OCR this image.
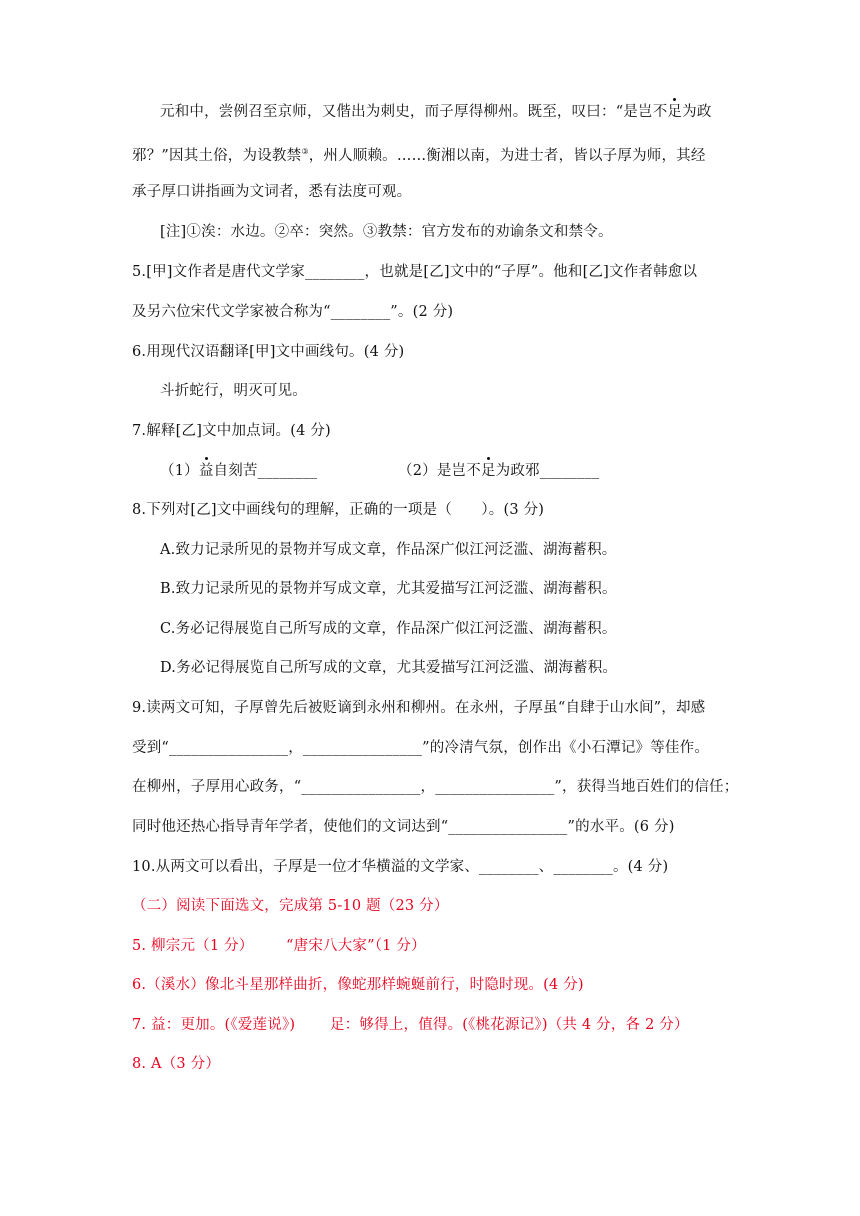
元和中，尝例召至京师，又偕出为刺史，而子厚得柳州。既至，叹曰：“是岂不足为政
邪？”因其土俗，为设教禁③，州人顺赖。……衡湘以南，为进士者，皆以子厚为师，其经
承子厚口讲指画为文词者，悉有法度可观。
[注]①涘：水边。②卒：突然。③教禁：官方发布的劝谕条文和禁令。
5.[甲]文作者是唐代文学家________，也就是[乙]文中的“子厚”。他和[乙]文作者韩愈以
及另六位宋代文学家被合称为“________”。(2 分)
6.用现代汉语翻译[甲]文中画线句。(4 分)
斗折蛇行，明灭可见。
7.解释[乙]文中加点词。(4 分)
（1）益自刻苦________	（2）是岂不足为政邪________
8.下列对[乙]文中画线句的理解，正确的一项是（　　）。(3 分)
A.致力记录所见的景物并写成文章，作品深广似江河泛滥、湖海蓄积。
B.致力记录所见的景物并写成文章，尤其爱描写江河泛滥、湖海蓄积。
C.务必记得展览自己所写成的文章，作品深广似江河泛滥、湖海蓄积。
D.务必记得展览自己所写成的文章，尤其爱描写江河泛滥、湖海蓄积。
9.读两文可知，子厚曾先后被贬谪到永州和柳州。在永州，子厚虽“自肆于山水间”，却感
受到“________________，________________”的冷清气氛，创作出《小石潭记》等佳作。
在柳州，子厚用心政务，“________________，________________”，获得当地百姓们的信任；
同时他还热心指导青年学者，使他们的文词达到“________________”的水平。(6 分)
10.从两文可以看出，子厚是一位才华横溢的文学家、________、________。(4 分)
（二）阅读下面选文，完成第 5-10 题（23 分）
5. 柳宗元（1 分） “唐宋八大家”（1 分）
6.（溪水）像北斗星那样曲折，像蛇那样蜿蜒前行，时隐时现。(4 分)
7. 益：更加。(《爱莲说》) 足：够得上，值得。(《桃花源记》)（共 4 分，各 2 分）
8. A（3 分）
